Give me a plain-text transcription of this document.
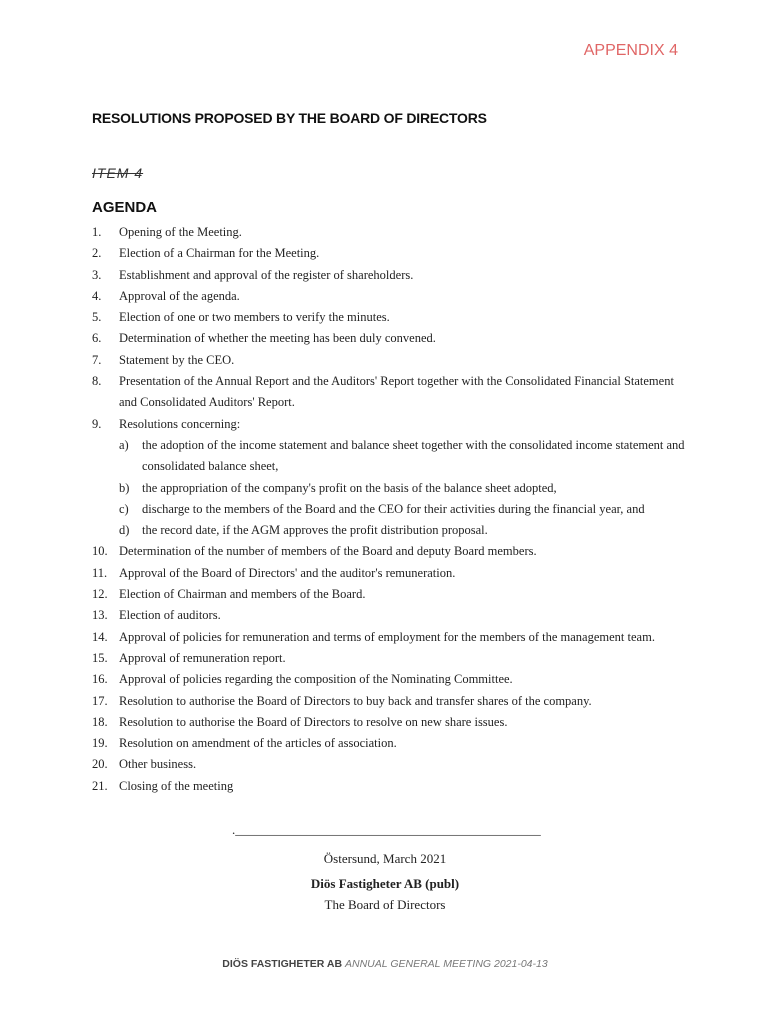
APPENDIX 4
RESOLUTIONS PROPOSED BY THE BOARD OF DIRECTORS
ITEM 4
AGENDA
1.	Opening of the Meeting.
2.	Election of a Chairman for the Meeting.
3.	Establishment and approval of the register of shareholders.
4.	Approval of the agenda.
5.	Election of one or two members to verify the minutes.
6.	Determination of whether the meeting has been duly convened.
7.	Statement by the CEO.
8.	Presentation of the Annual Report and the Auditors' Report together with the Consolidated Financial Statement and Consolidated Auditors' Report.
9.	Resolutions concerning:
a)	the adoption of the income statement and balance sheet together with the consolidated income statement and consolidated balance sheet,
b)	the appropriation of the company's profit on the basis of the balance sheet adopted,
c)	discharge to the members of the Board and the CEO for their activities during the financial year, and
d)	the record date, if the AGM approves the profit distribution proposal.
10. Determination of the number of members of the Board and deputy Board members.
11. Approval of the Board of Directors' and the auditor's remuneration.
12. Election of Chairman and members of the Board.
13. Election of auditors.
14. Approval of policies for remuneration and terms of employment for the members of the management team.
15. Approval of remuneration report.
16. Approval of policies regarding the composition of the Nominating Committee.
17. Resolution to authorise the Board of Directors to buy back and transfer shares of the company.
18. Resolution to authorise the Board of Directors to resolve on new share issues.
19. Resolution on amendment of the articles of association.
20. Other business.
21. Closing of the meeting
._______________________________________________
Östersund, March 2021
Diös Fastigheter AB (publ)
The Board of Directors
DIÖS FASTIGHETER AB ANNUAL GENERAL MEETING 2021-04-13
